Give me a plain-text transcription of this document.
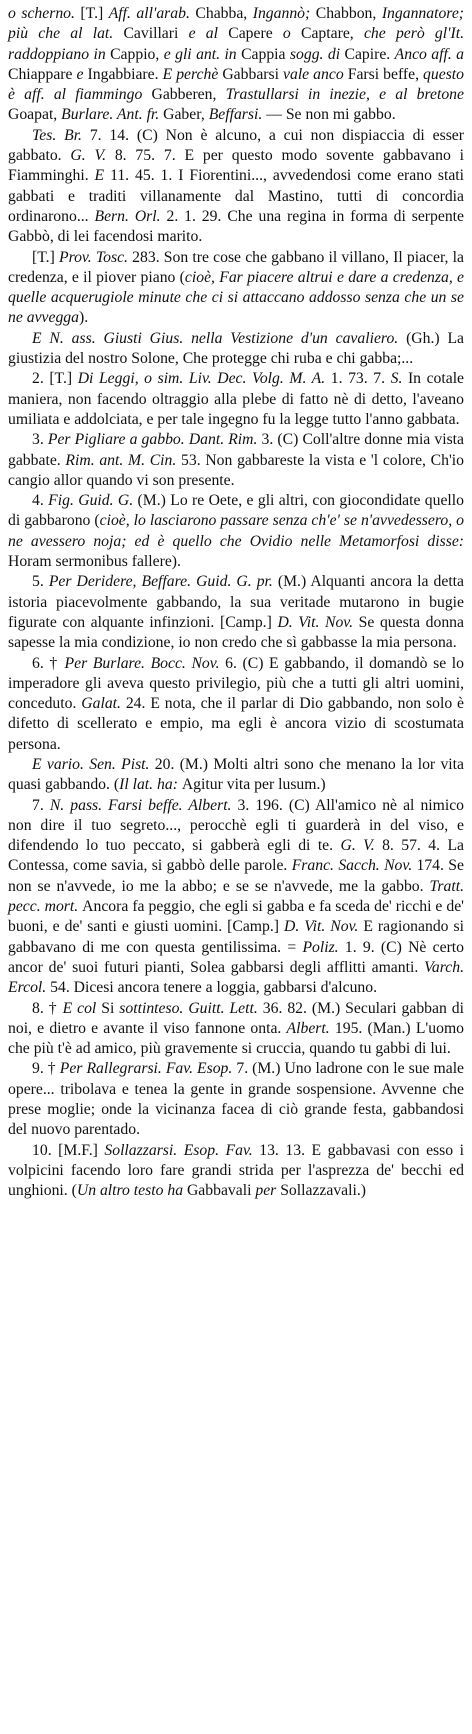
o scherno. [T.] Aff. all'arab. Chabba, Ingannò; Chabbon, Ingannatore; più che al lat. Cavillari e al Capere o Captare, che però gl'It. raddoppiano in Cappio, e gli ant. in Cappia sogg. di Capire. Anco aff. a Chiappare e Ingabbiare. E perchè Gabbarsi vale anco Farsi beffe, questo è aff. al fiammingo Gabberen, Trastullarsi in inezie, e al bretone Goapat, Burlare. Ant. fr. Gaber, Beffarsi. — Se non mi gabbo.

Tes. Br. 7. 14. (C) Non è alcuno, a cui non dispiaccia di esser gabbato. G. V. 8. 75. 7. E per questo modo sovente gabbavano i Fiamminghi. E 11. 45. 1. I Fiorentini..., avvedendosi come erano stati gabbati e traditi villanamente dal Mastino, tutti di concordia ordinarono... Bern. Orl. 2. 1. 29. Che una regina in forma di serpente Gabbò, di lei facendosi marito.

[T.] Prov. Tosc. 283. Son tre cose che gabbano il villano, Il piacer, la credenza, e il piover piano (cioè, Far piacere altrui e dare a credenza, e quelle acquerugiole minute che ci si attaccano addosso senza che un se ne avvegga).

E N. ass. Giusti Gius. nella Vestizione d'un cavaliero. (Gh.) La giustizia del nostro Solone, Che protegge chi ruba e chi gabba;...

2. [T.] Di Leggi, o sim. Liv. Dec. Volg. M. A. 1. 73. 7. S. In cotale maniera, non facendo oltraggio alla plebe di fatto nè di detto, l'aveano umiliata e addolciata, e per tale ingegno fu la legge tutto l'anno gabbata.

3. Per Pigliare a gabbo. Dant. Rim. 3. (C) Coll'altre donne mia vista gabbate. Rim. ant. M. Cin. 53. Non gabbareste la vista e 'l colore, Ch'io cangio allor quando vi son presente.

4. Fig. Guid. G. (M.) Lo re Oete, e gli altri, con giocondidate quello di gabbarono (cioè, lo lasciarono passare senza ch'e' se n'avvedessero, o ne avessero noja; ed è quello che Ovidio nelle Metamorfosi disse: Horam sermonibus fallere).

5. Per Deridere, Beffare. Guid. G. pr. (M.) Alquanti ancora la detta istoria piacevolmente gabbando, la sua veritade mutarono in bugie figurate con alquante infinzioni. [Camp.] D. Vit. Nov. Se questa donna sapesse la mia condizione, io non credo che sì gabbasse la mia persona.

6. † Per Burlare. Bocc. Nov. 6. (C) E gabbando, il domandò se lo imperadore gli aveva questo privilegio, più che a tutti gli altri uomini, conceduto. Galat. 24. E nota, che il parlar di Dio gabbando, non solo è difetto di scellerato e empio, ma egli è ancora vizio di scostumata persona.

E vario. Sen. Pist. 20. (M.) Molti altri sono che menano la lor vita quasi gabbando. (Il lat. ha: Agitur vita per lusum.)

7. N. pass. Farsi beffe. Albert. 3. 196. (C) All'amico nè al nimico non dire il tuo segreto..., perocchè egli ti guarderà in del viso, e difendendo lo tuo peccato, si gabberà egli di te. G. V. 8. 57. 4. La Contessa, come savia, si gabbò delle parole. Franc. Sacch. Nov. 174. Se non se n'avvede, io me la abbo; e se se n'avvede, me la gabbo. Tratt. pecc. mort. Ancora fa peggio, che egli si gabba e fa sceda de' ricchi e de' buoni, e de' santi e giusti uomini. [Camp.] D. Vit. Nov. E ragionando si gabbavano di me con questa gentilissima. = Poliz. 1. 9. (C) Nè certo ancor de' suoi futuri pianti, Solea gabbarsi degli afflitti amanti. Varch. Ercol. 54. Dicesi ancora tenere a loggia, gabbarsi d'alcuno.

8. † E col Si sottinteso. Guitt. Lett. 36. 82. (M.) Seculari gabban di noi, e dietro e avante il viso fannone onta. Albert. 195. (Man.) L'uomo che più t'è ad amico, più gravemente si cruccia, quando tu gabbi di lui.

9. † Per Rallegrarsi. Fav. Esop. 7. (M.) Uno ladrone con le sue male opere... tribolava e tenea la gente in grande sospensione. Avvenne che prese moglie; onde la vicinanza facea di ciò grande festa, gabbandosi del nuovo parentado.

10. [M.F.] Sollazzarsi. Esop. Fav. 13. 13. E gabbavasi con esso i volpicini facendo loro fare grandi strida per l'asprezza de' becchi ed unghioni. (Un altro testo ha Gabbavali per Sollazzavali.)
